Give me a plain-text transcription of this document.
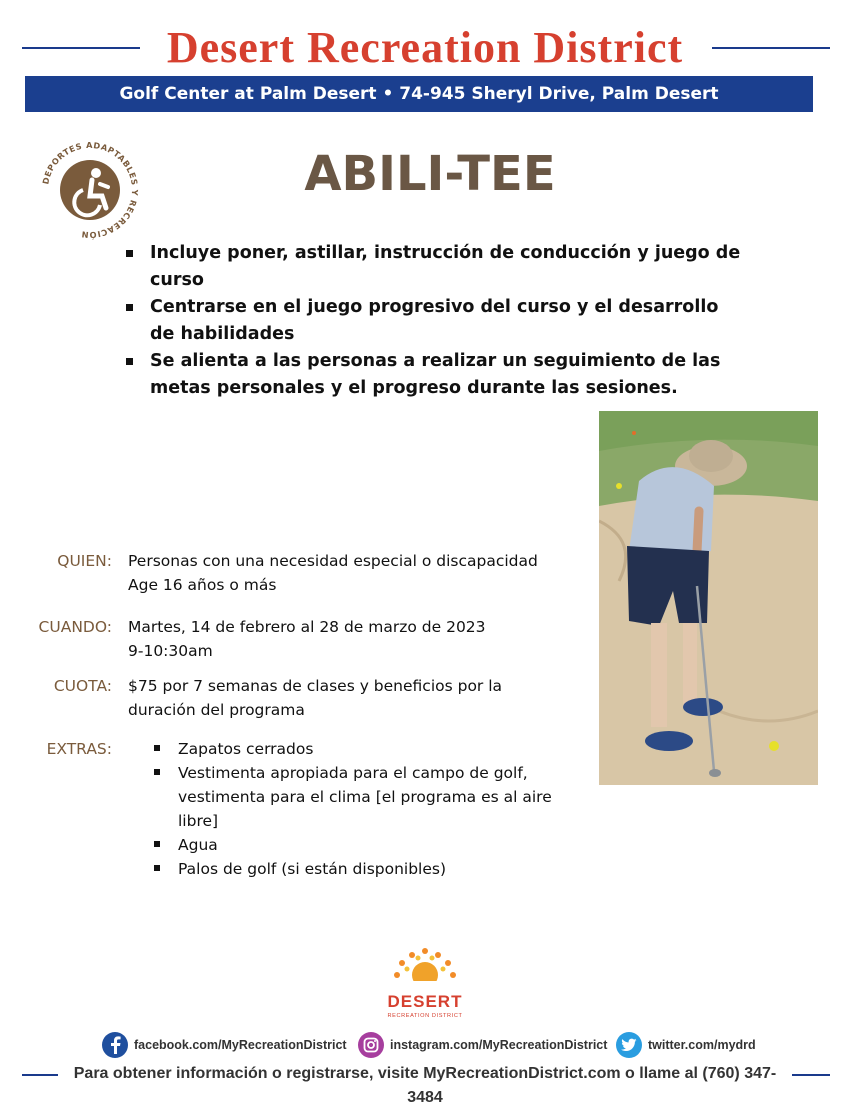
Desert Recreation District
Golf Center at Palm Desert • 74-945 Sheryl Drive, Palm Desert
DEPORTES ADAPTABLES Y RECREACIÓN
ABILI-TEE
Incluye poner, astillar, instrucción de conducción y juego de curso
Centrarse en el juego progresivo del curso y el desarrollo de habilidades
Se alienta a las personas a realizar un seguimiento de las metas personales y el progreso durante las sesiones.
QUIEN: Personas con una necesidad especial o discapacidad
Age 16 años o más
CUANDO: Martes, 14 de febrero al 28 de marzo de 2023
9-10:30am
CUOTA: $75 por 7 semanas de clases y beneficios por la
duración del programa
EXTRAS:	Zapatos cerrados
Vestimenta apropiada para el campo de golf, vestimenta para el clima [el programa es al aire libre]
Agua
Palos de golf (si están disponibles)
DESERT
RECREATION DISTRICT
facebook.com/MyRecreationDistrict	instagram.com/MyRecreationDistrict	twitter.com/mydrd
Para obtener información o registrarse, visite MyRecreationDistrict.com o llame al (760) 347-3484
